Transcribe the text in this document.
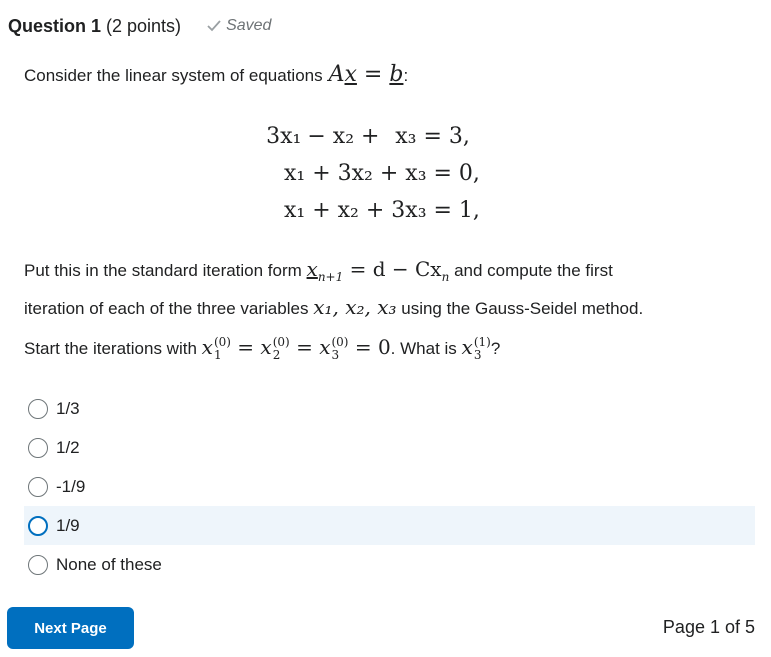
Question 1 (2 points)	Saved
Consider the linear system of equations Ax = b:
3x₁	− x₂ +	x₃ = 3,
x₁ + 3x₂ + x₃ = 0,
x₁ + x₂ + 3x₃ = 1,
Put this in the standard iteration form $x_{n+1} = d - Cx_n$ and compute the first
iteration of each of the three variables x₁, x₂, x₃ using the Gauss-Seidel method.
Start the iterations with x (0)
1 = x (0)
2 = x (0)
3 = 0. What is x (1)
3 ?
1/3
1/2
-1/9
1/9
None of these
Next Page	Page 1 of 5
